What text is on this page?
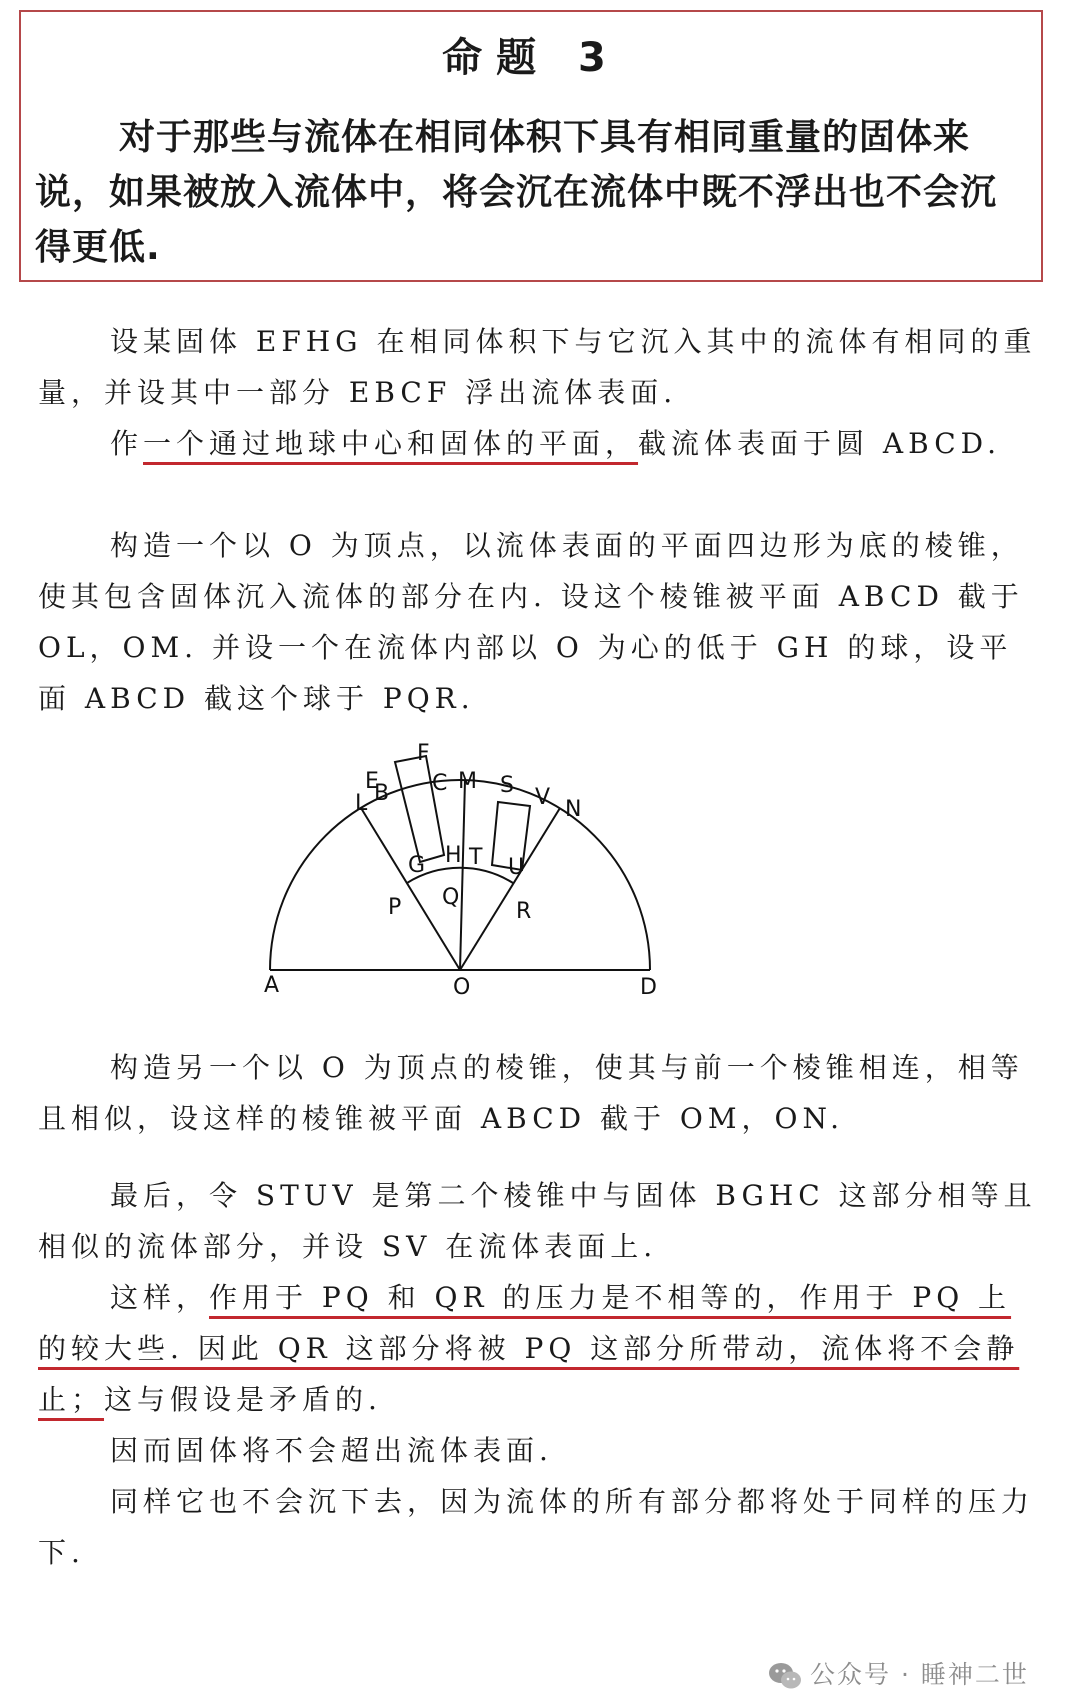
命题 3
对于那些与流体在相同体积下具有相同重量的固体来说，如果被放入流体中，将会沉在流体中既不浮出也不会沉得更低.

设某固体 EFHG 在相同体积下与它沉入其中的流体有相同的重量，并设其中一部分 EBCF 浮出流体表面.

作一个通过地球中心和固体的平面，截流体表面于圆 ABCD.

构造一个以 O 为顶点，以流体表面的平面四边形为底的棱锥，使其包含固体沉入流体的部分在内. 设这个棱锥被平面 ABCD 截于 OL，OM. 并设一个在流体内部以 O 为心的低于 GH 的球，设平面 ABCD 截这个球于 PQR.

E
F
L B C M S V N
G H T U
P Q
R
A	O	D

构造另一个以 O 为顶点的棱锥，使其与前一个棱锥相连，相等且相似，设这样的棱锥被平面 ABCD 截于 OM，ON.

最后，令 STUV 是第二个棱锥中与固体 BGHC 这部分相等且相似的流体部分，并设 SV 在流体表面上.

这样，作用于 PQ 和 QR 的压力是不相等的，作用于 PQ 上的较大些. 因此 QR 这部分将被 PQ 这部分所带动，流体将不会静止；这与假设是矛盾的.

因而固体将不会超出流体表面.

同样它也不会沉下去，因为流体的所有部分都将处于同样的压力下.

公众号 · 睡神二世
